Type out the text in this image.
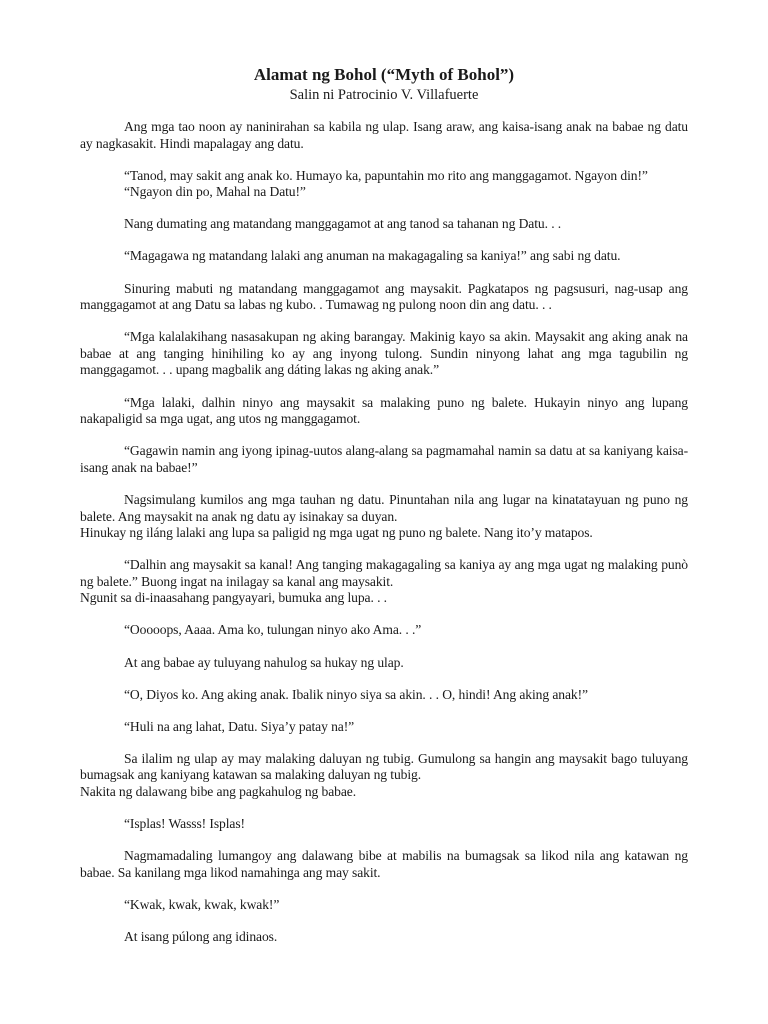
Alamat ng Bohol (“Myth of Bohol”)

Salin ni Patrocinio V. Villafuerte

Ang mga tao noon ay naninirahan sa kabila ng ulap. Isang araw, ang kaisa-isang anak na babae ng datu ay nagkasakit. Hindi mapalagay ang datu.

“Tanod, may sakit ang anak ko. Humayo ka, papuntahin mo rito ang manggagamot. Ngayon din!”
“Ngayon din po, Mahal na Datu!”

Nang dumating ang matandang manggagamot at ang tanod sa tahanan ng Datu. . .

“Magagawa ng matandang lalaki ang anuman na makagagaling sa kaniya!” ang sabi ng datu.

Sinuring mabuti ng matandang manggagamot ang maysakit. Pagkatapos ng pagsusuri, nag-usap ang manggagamot at ang Datu sa labas ng kubo. . Tumawag ng pulong noon din ang datu. . .

“Mga kalalakihang nasasakupan ng aking barangay. Makinig kayo sa akin. Maysakit ang aking anak na babae at ang tanging hinihiling ko ay ang inyong tulong. Sundin ninyong lahat ang mga tagubilin ng manggagamot. . . upang magbalik ang dáting lakas ng aking anak.”

“Mga lalaki, dalhin ninyo ang maysakit sa malaking puno ng balete. Hukayin ninyo ang lupang nakapaligid sa mga ugat, ang utos ng manggagamot.

“Gagawin namin ang iyong ipinag-uutos alang-alang sa pagmamahal namin sa datu at sa kaniyang kaisa-isang anak na babae!”

Nagsimulang kumilos ang mga tauhan ng datu. Pinuntahan nila ang lugar na kinatatayuan ng puno ng balete. Ang maysakit na anak ng datu ay isinakay sa duyan.
Hinukay ng iláng lalaki ang lupa sa paligid ng mga ugat ng puno ng balete. Nang ito’y matapos.

“Dalhin ang maysakit sa kanal! Ang tanging makagagaling sa kaniya ay ang mga ugat ng malaking punò ng balete.” Buong ingat na inilagay sa kanal ang maysakit.
Ngunit sa di-inaasahang pangyayari, bumuka ang lupa. . .

“Ooooops, Aaaa. Ama ko, tulungan ninyo ako Ama. . .”

At ang babae ay tuluyang nahulog sa hukay ng ulap.

“O, Diyos ko. Ang aking anak. Ibalik ninyo siya sa akin. . . O, hindi! Ang aking anak!”

“Huli na ang lahat, Datu. Siya’y patay na!”

Sa ilalim ng ulap ay may malaking daluyan ng tubig. Gumulong sa hangin ang maysakit bago tuluyang bumagsak ang kaniyang katawan sa malaking daluyan ng tubig.
Nakita ng dalawang bibe ang pagkahulog ng babae.

“Isplas! Wasss! Isplas!

Nagmamadaling lumangoy ang dalawang bibe at mabilis na bumagsak sa likod nila ang katawan ng babae. Sa kanilang mga likod namahinga ang may sakit.

“Kwak, kwak, kwak, kwak!”

At isang púlong ang idinaos.
